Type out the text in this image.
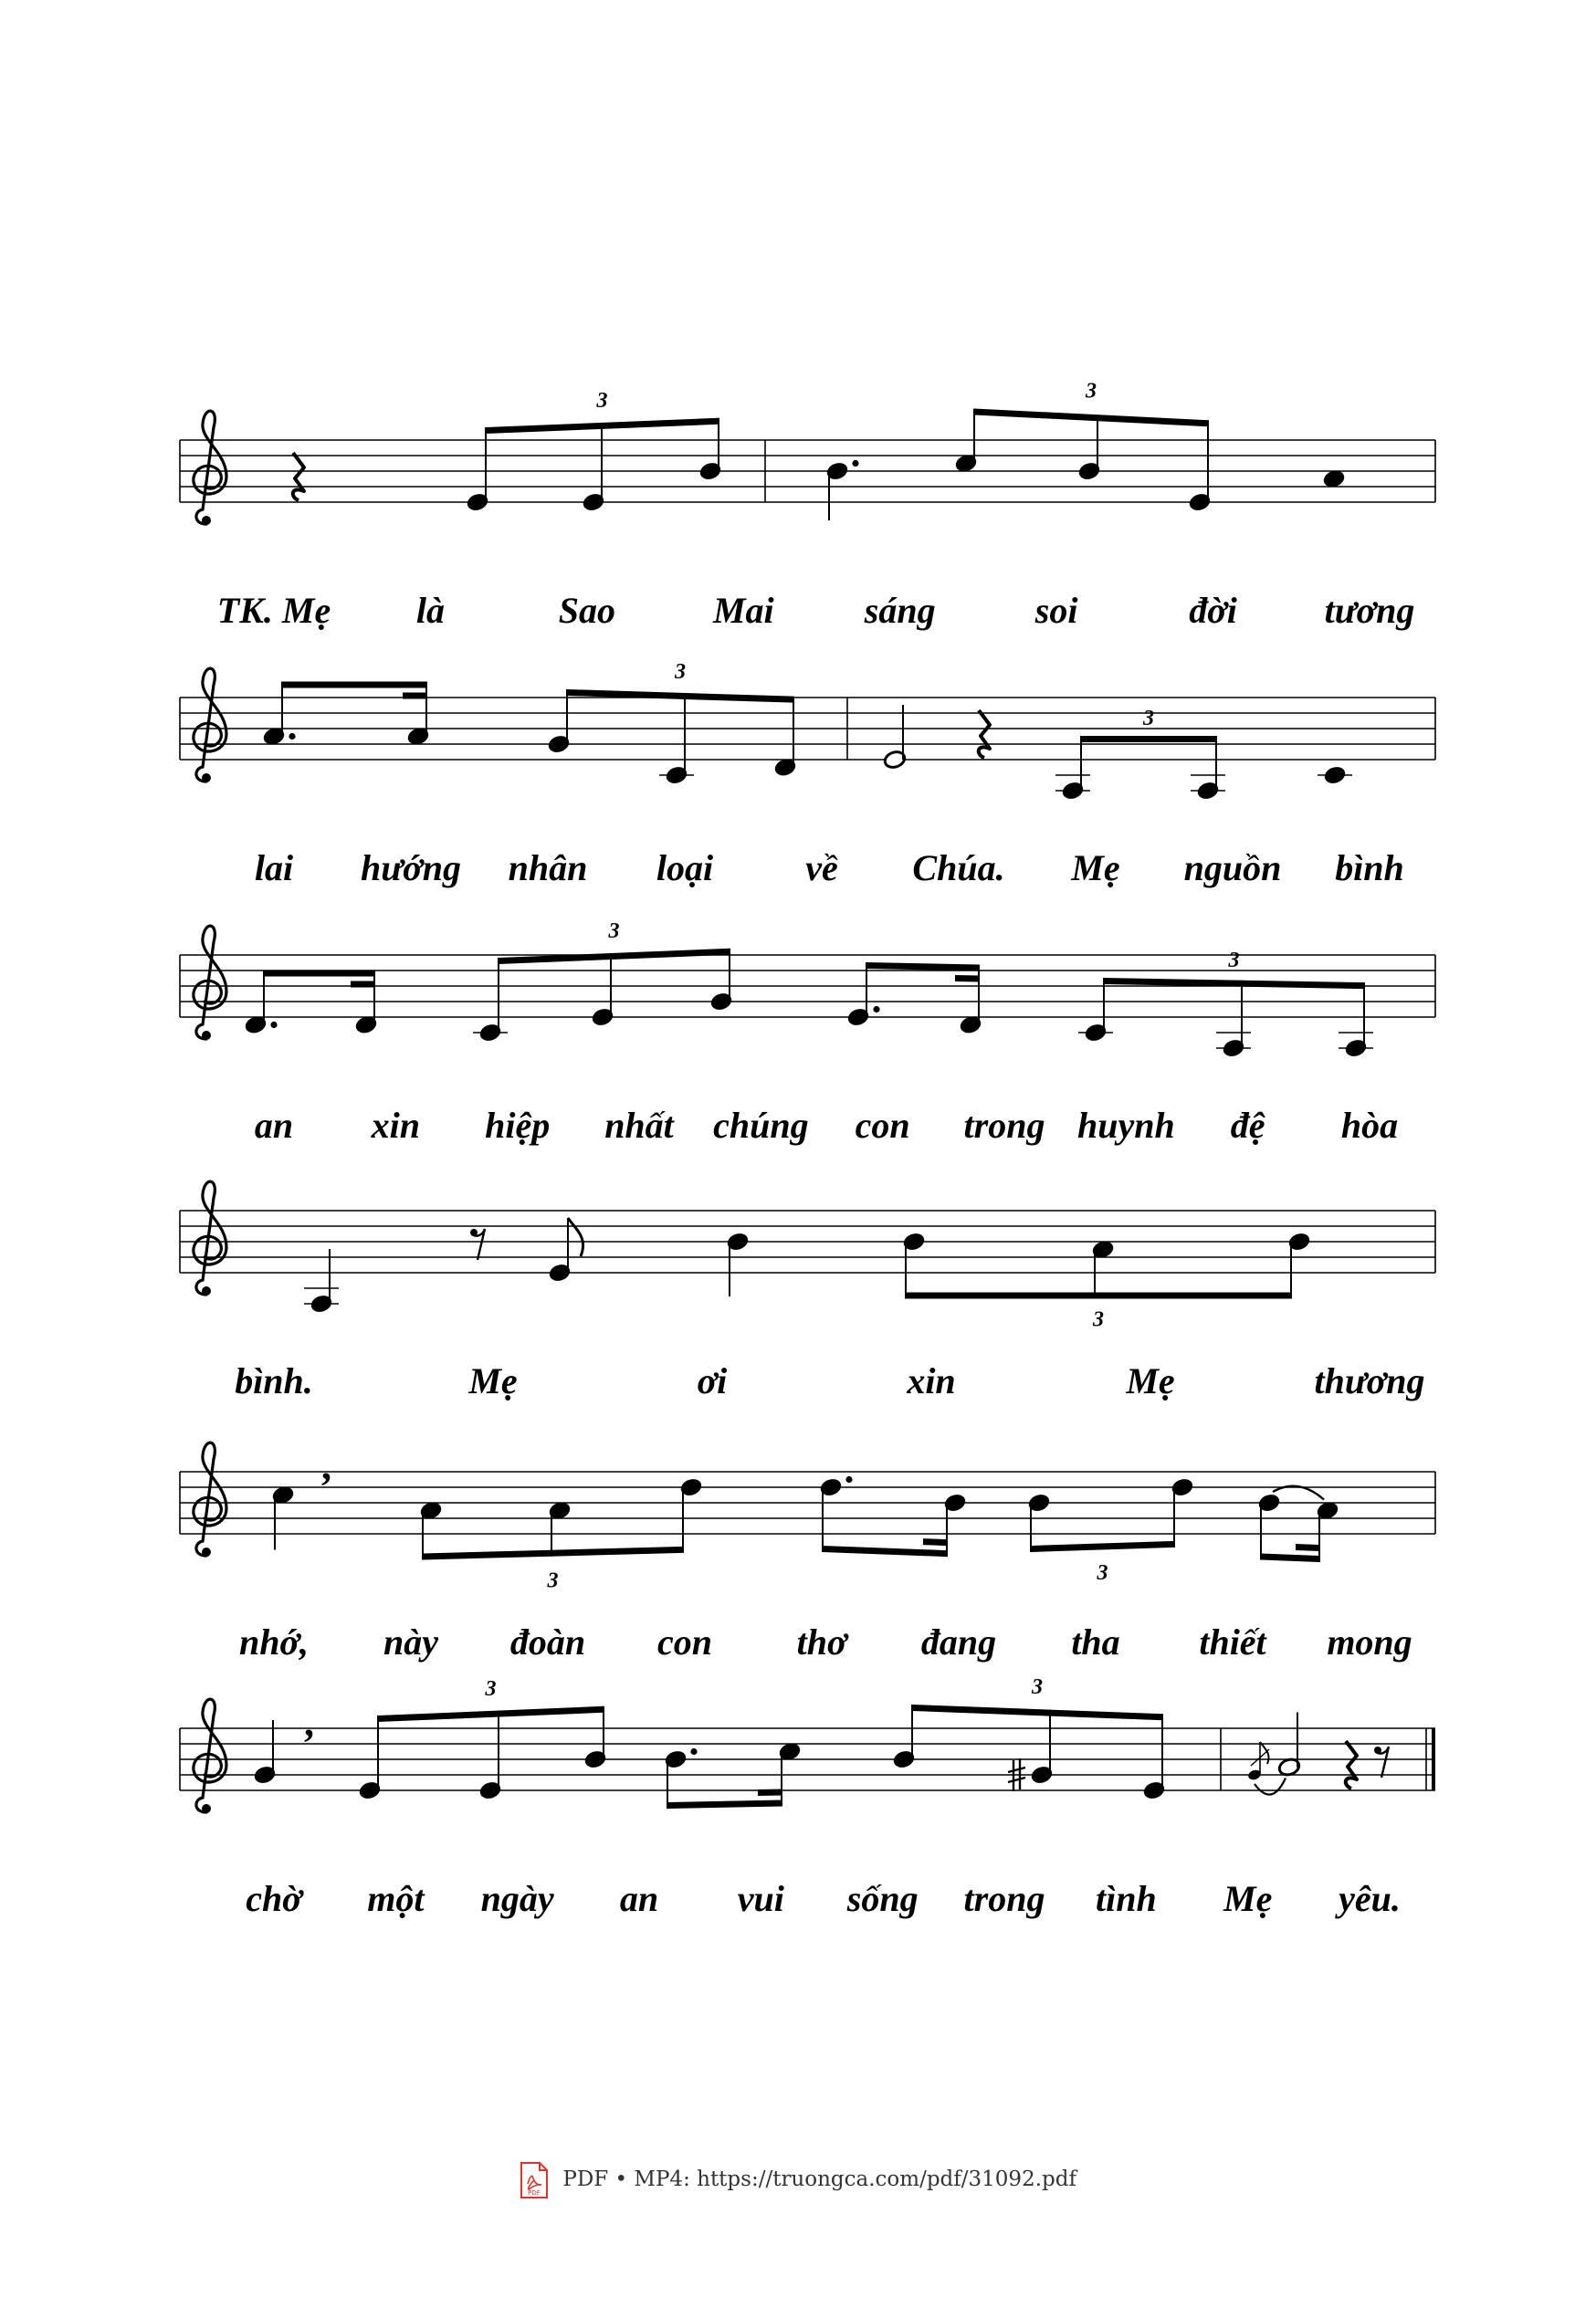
3	3
TK. Mẹ là	Sao	Mai sáng	soi	đời tương
3
3
lai hướng nhân loại	về Chúa. Mẹ nguồn bình
3
3
an xin hiệp nhất chúng con trong huynh đệ hòa
3
bình.	Mẹ	ơi	xin	Mẹ	thương
3	3
,
nhớ, này đoàn con thơ đang tha thiết mong
3	3
,
chờ một ngày an vui sống trong tình Mẹ yêu.
PDF
PDF • MP4: https://truongca.com/pdf/31092.pdf
